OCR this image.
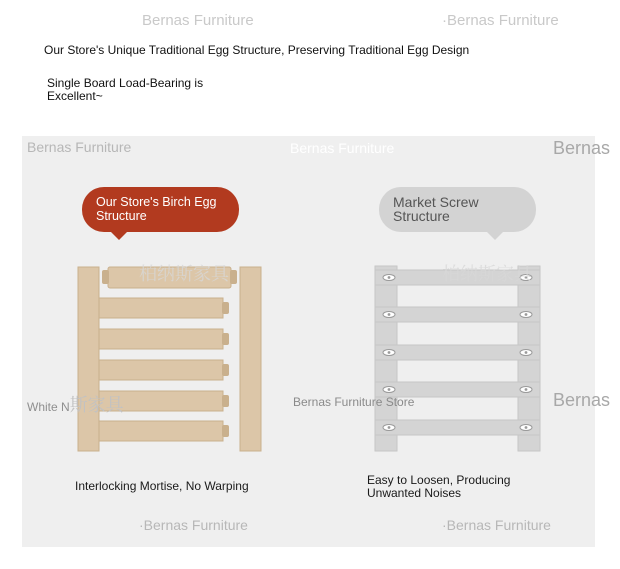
Bernas Furniture	·Bernas Furniture
Our Store's Unique Traditional Egg Structure, Preserving Traditional Egg Design
Single Board Load-Bearing is
Excellent~
Bernas Furniture	Bernas Furniture	Bernas
Our Store's Birch Egg
Structure
Market Screw
Structure
柏纳斯家具	柏纳斯家具
White N斯家具	Bernas Furniture Store	Bernas
Interlocking Mortise, No Warping	Easy to Loosen, Producing
Unwanted Noises
·Bernas Furniture	·Bernas Furniture
